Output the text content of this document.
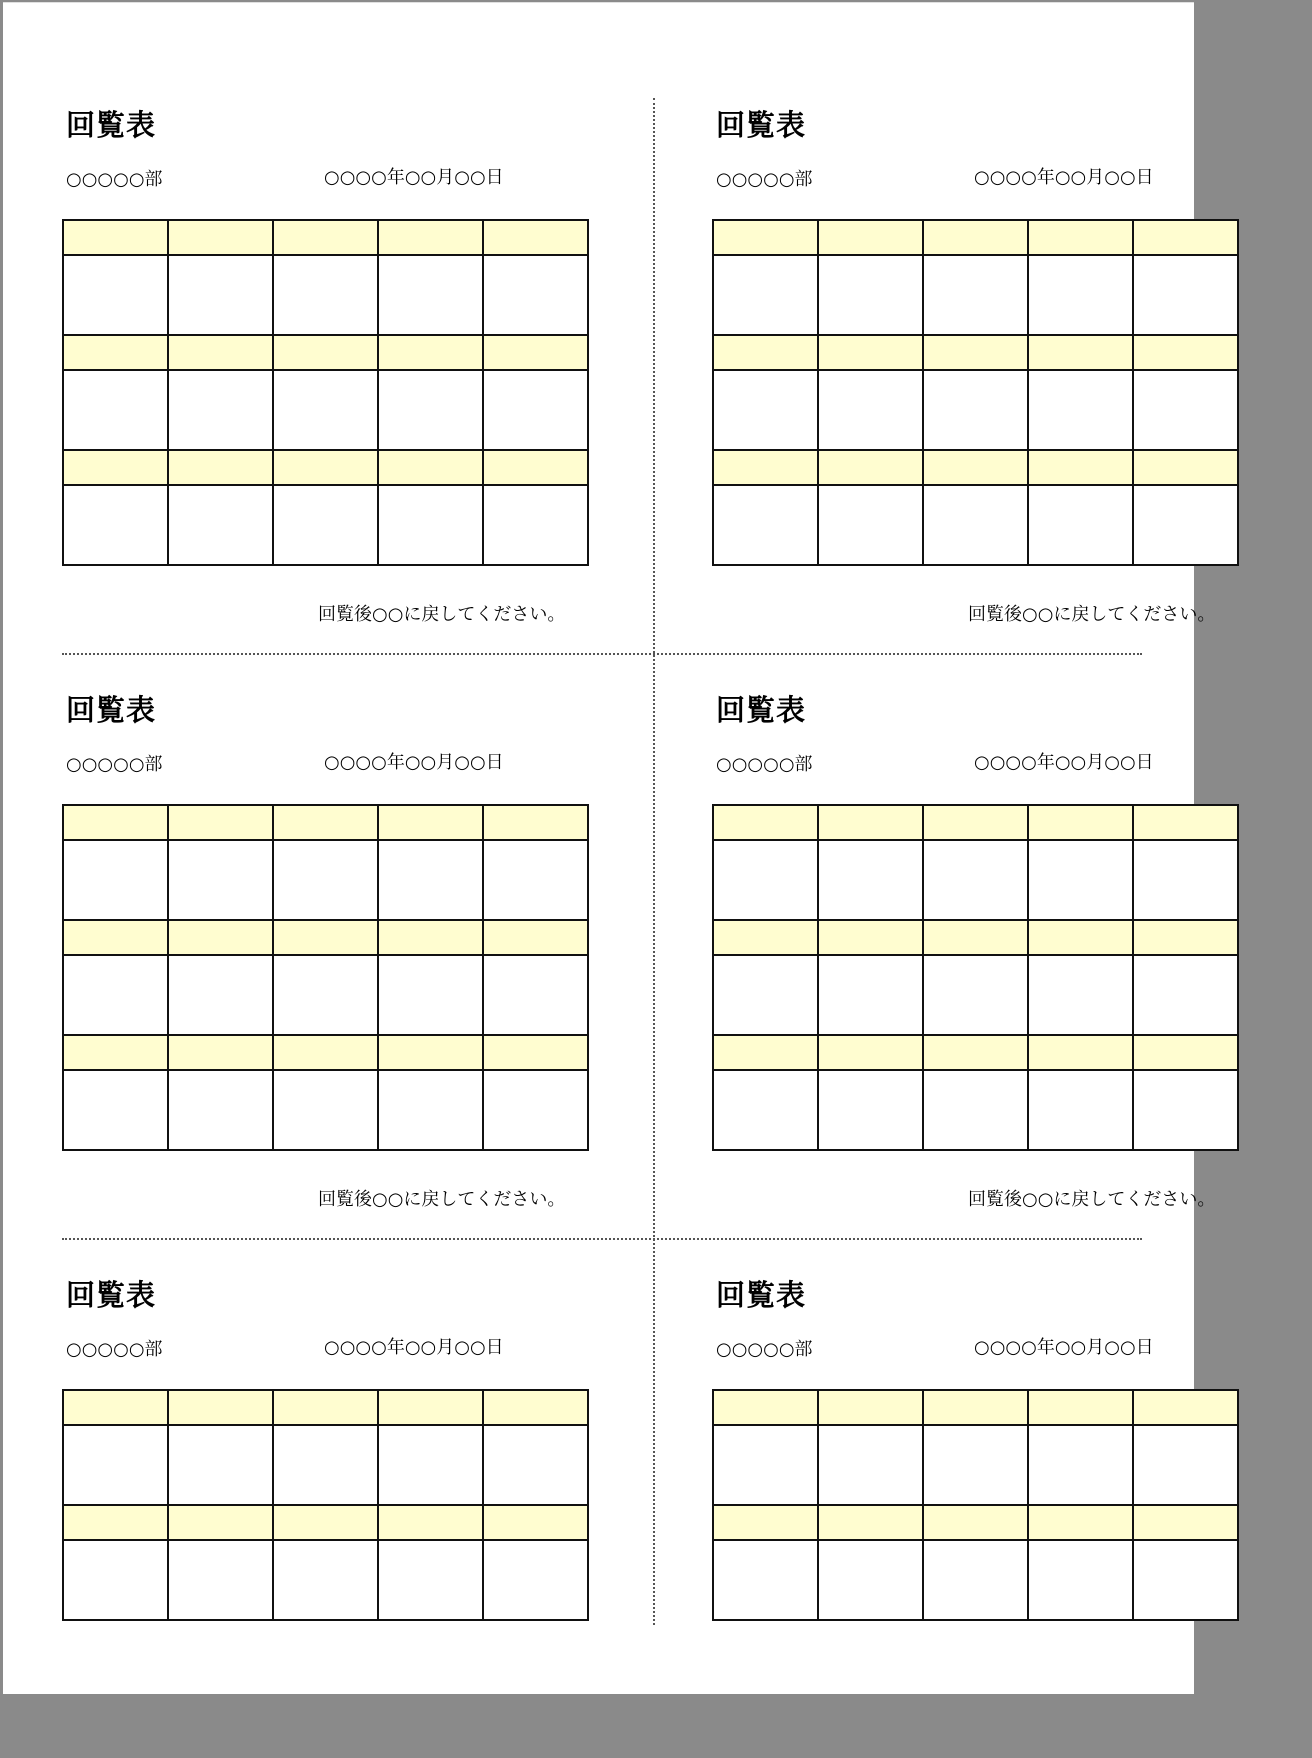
回覧表
○○○○○部	○○○○年○○月○○日

回覧後○○に戻してください。
回覧表
○○○○○部	○○○○年○○月○○日

回覧後○○に戻してください。
回覧表
○○○○○部	○○○○年○○月○○日

回覧後○○に戻してください。
回覧表
○○○○○部	○○○○年○○月○○日

回覧後○○に戻してください。
回覧表
○○○○○部	○○○○年○○月○○日

回覧表
○○○○○部	○○○○年○○月○○日
